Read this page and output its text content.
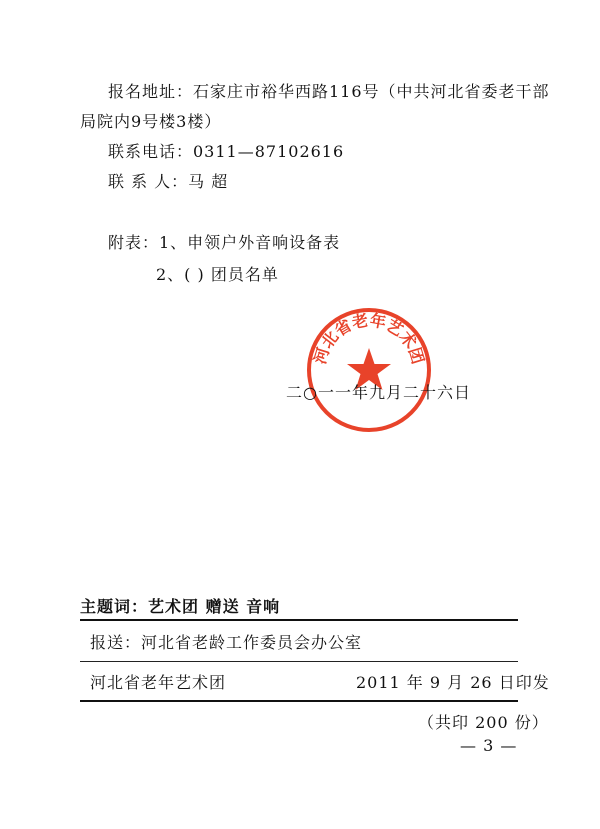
报名地址：石家庄市裕华西路116号（中共河北省委老干部
局院内9号楼3楼）
联系电话：0311—87102616
联 系 人：马 超
附表：1、申领户外音响设备表
2、( ) 团员名单
河北省老年艺术团
二○一一年九月二十六日
主题词：艺术团 赠送 音响
报送：河北省老龄工作委员会办公室
河北省老年艺术团	2011 年 9 月 26 日印发
（共印 200 份）
— 3 —
